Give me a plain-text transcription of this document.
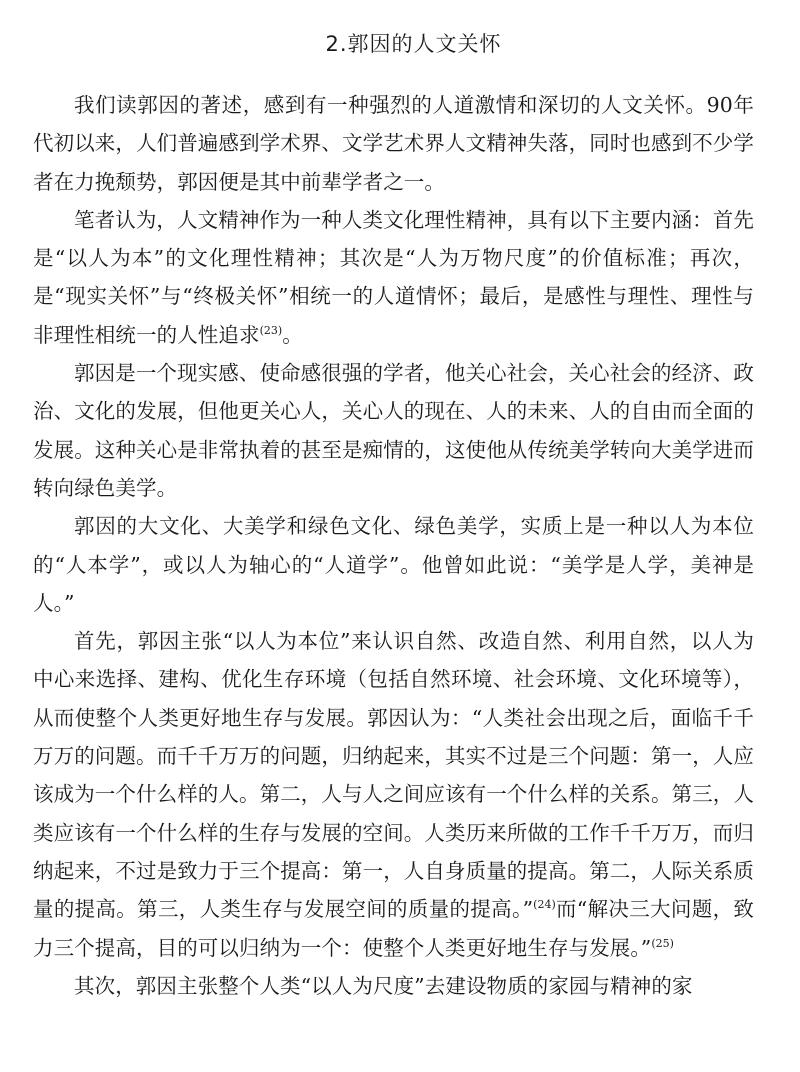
2.郭因的人文关怀

我们读郭因的著述，感到有一种强烈的人道激情和深切的人文关怀。90年代初以来，人们普遍感到学术界、文学艺术界人文精神失落，同时也感到不少学者在力挽颓势，郭因便是其中前辈学者之一。

笔者认为，人文精神作为一种人类文化理性精神，具有以下主要内涵：首先是“以人为本”的文化理性精神；其次是“人为万物尺度”的价值标准；再次，是“现实关怀”与“终极关怀”相统一的人道情怀；最后，是感性与理性、理性与非理性相统一的人性追求$^{(23)}$。

郭因是一个现实感、使命感很强的学者，他关心社会，关心社会的经济、政治、文化的发展，但他更关心人，关心人的现在、人的未来、人的自由而全面的发展。这种关心是非常执着的甚至是痴情的，这使他从传统美学转向大美学进而转向绿色美学。

郭因的大文化、大美学和绿色文化、绿色美学，实质上是一种以人为本位的“人本学”，或以人为轴心的“人道学”。他曾如此说：“美学是人学，美神是人。”

首先，郭因主张“以人为本位”来认识自然、改造自然、利用自然，以人为中心来选择、建构、优化生存环境（包括自然环境、社会环境、文化环境等），从而使整个人类更好地生存与发展。郭因认为：“人类社会出现之后，面临千千万万的问题。而千千万万的问题，归纳起来，其实不过是三个问题：第一，人应该成为一个什么样的人。第二，人与人之间应该有一个什么样的关系。第三，人类应该有一个什么样的生存与发展的空间。人类历来所做的工作千千万万，而归纳起来，不过是致力于三个提高：第一，人自身质量的提高。第二，人际关系质量的提高。第三，人类生存与发展空间的质量的提高。”$^{(24)}$而“解决三大问题，致力三个提高，目的可以归纳为一个：使整个人类更好地生存与发展。”$^{(25)}$

其次，郭因主张整个人类“以人为尺度”去建设物质的家园与精神的家
